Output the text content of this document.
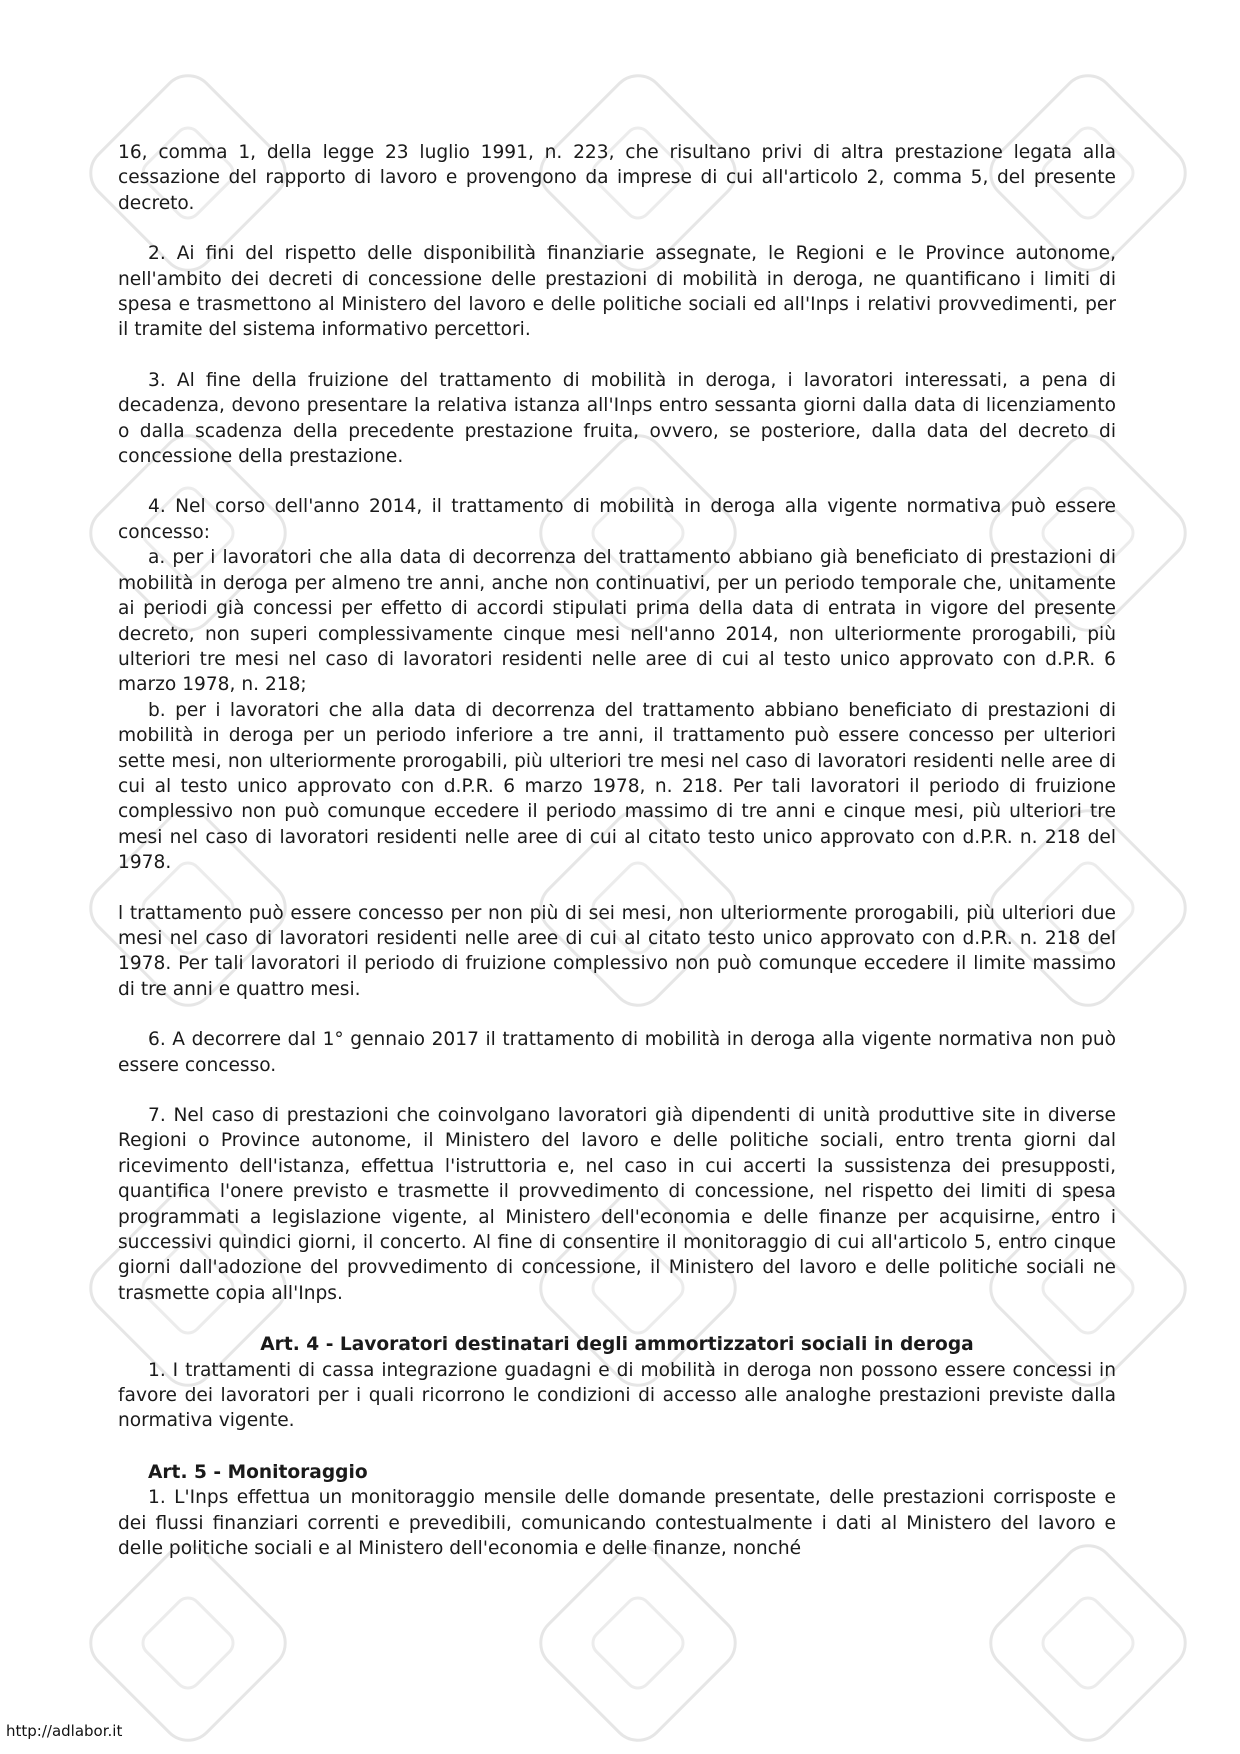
16, comma 1, della legge 23 luglio 1991, n. 223, che risultano privi di altra prestazione legata alla cessazione del rapporto di lavoro e provengono da imprese di cui all'articolo 2, comma 5, del presente decreto.

2. Ai fini del rispetto delle disponibilità finanziarie assegnate, le Regioni e le Province autonome, nell'ambito dei decreti di concessione delle prestazioni di mobilità in deroga, ne quantificano i limiti di spesa e trasmettono al Ministero del lavoro e delle politiche sociali ed all'Inps i relativi provvedimenti, per il tramite del sistema informativo percettori.

3. Al fine della fruizione del trattamento di mobilità in deroga, i lavoratori interessati, a pena di decadenza, devono presentare la relativa istanza all'Inps entro sessanta giorni dalla data di licenziamento o dalla scadenza della precedente prestazione fruita, ovvero, se posteriore, dalla data del decreto di concessione della prestazione.

4. Nel corso dell'anno 2014, il trattamento di mobilità in deroga alla vigente normativa può essere concesso:

a. per i lavoratori che alla data di decorrenza del trattamento abbiano già beneficiato di prestazioni di mobilità in deroga per almeno tre anni, anche non continuativi, per un periodo temporale che, unitamente ai periodi già concessi per effetto di accordi stipulati prima della data di entrata in vigore del presente decreto, non superi complessivamente cinque mesi nell'anno 2014, non ulteriormente prorogabili, più ulteriori tre mesi nel caso di lavoratori residenti nelle aree di cui al testo unico approvato con d.P.R. 6 marzo 1978, n. 218;

b. per i lavoratori che alla data di decorrenza del trattamento abbiano beneficiato di prestazioni di mobilità in deroga per un periodo inferiore a tre anni, il trattamento può essere concesso per ulteriori sette mesi, non ulteriormente prorogabili, più ulteriori tre mesi nel caso di lavoratori residenti nelle aree di cui al testo unico approvato con d.P.R. 6 marzo 1978, n. 218. Per tali lavoratori il periodo di fruizione complessivo non può comunque eccedere il periodo massimo di tre anni e cinque mesi, più ulteriori tre mesi nel caso di lavoratori residenti nelle aree di cui al citato testo unico approvato con d.P.R. n. 218 del 1978.

l trattamento può essere concesso per non più di sei mesi, non ulteriormente prorogabili, più ulteriori due mesi nel caso di lavoratori residenti nelle aree di cui al citato testo unico approvato con d.P.R. n. 218 del 1978. Per tali lavoratori il periodo di fruizione complessivo non può comunque eccedere il limite massimo di tre anni e quattro mesi.

6. A decorrere dal 1° gennaio 2017 il trattamento di mobilità in deroga alla vigente normativa non può essere concesso.

7. Nel caso di prestazioni che coinvolgano lavoratori già dipendenti di unità produttive site in diverse Regioni o Province autonome, il Ministero del lavoro e delle politiche sociali, entro trenta giorni dal ricevimento dell'istanza, effettua l'istruttoria e, nel caso in cui accerti la sussistenza dei presupposti, quantifica l'onere previsto e trasmette il provvedimento di concessione, nel rispetto dei limiti di spesa programmati a legislazione vigente, al Ministero dell'economia e delle finanze per acquisirne, entro i successivi quindici giorni, il concerto. Al fine di consentire il monitoraggio di cui all'articolo 5, entro cinque giorni dall'adozione del provvedimento di concessione, il Ministero del lavoro e delle politiche sociali ne trasmette copia all'Inps.

Art. 4 - Lavoratori destinatari degli ammortizzatori sociali in deroga

1. I trattamenti di cassa integrazione guadagni e di mobilità in deroga non possono essere concessi in favore dei lavoratori per i quali ricorrono le condizioni di accesso alle analoghe prestazioni previste dalla normativa vigente.

Art. 5 - Monitoraggio

1. L'Inps effettua un monitoraggio mensile delle domande presentate, delle prestazioni corrisposte e dei flussi finanziari correnti e prevedibili, comunicando contestualmente i dati al Ministero del lavoro e delle politiche sociali e al Ministero dell'economia e delle finanze, nonché

http://adlabor.it
